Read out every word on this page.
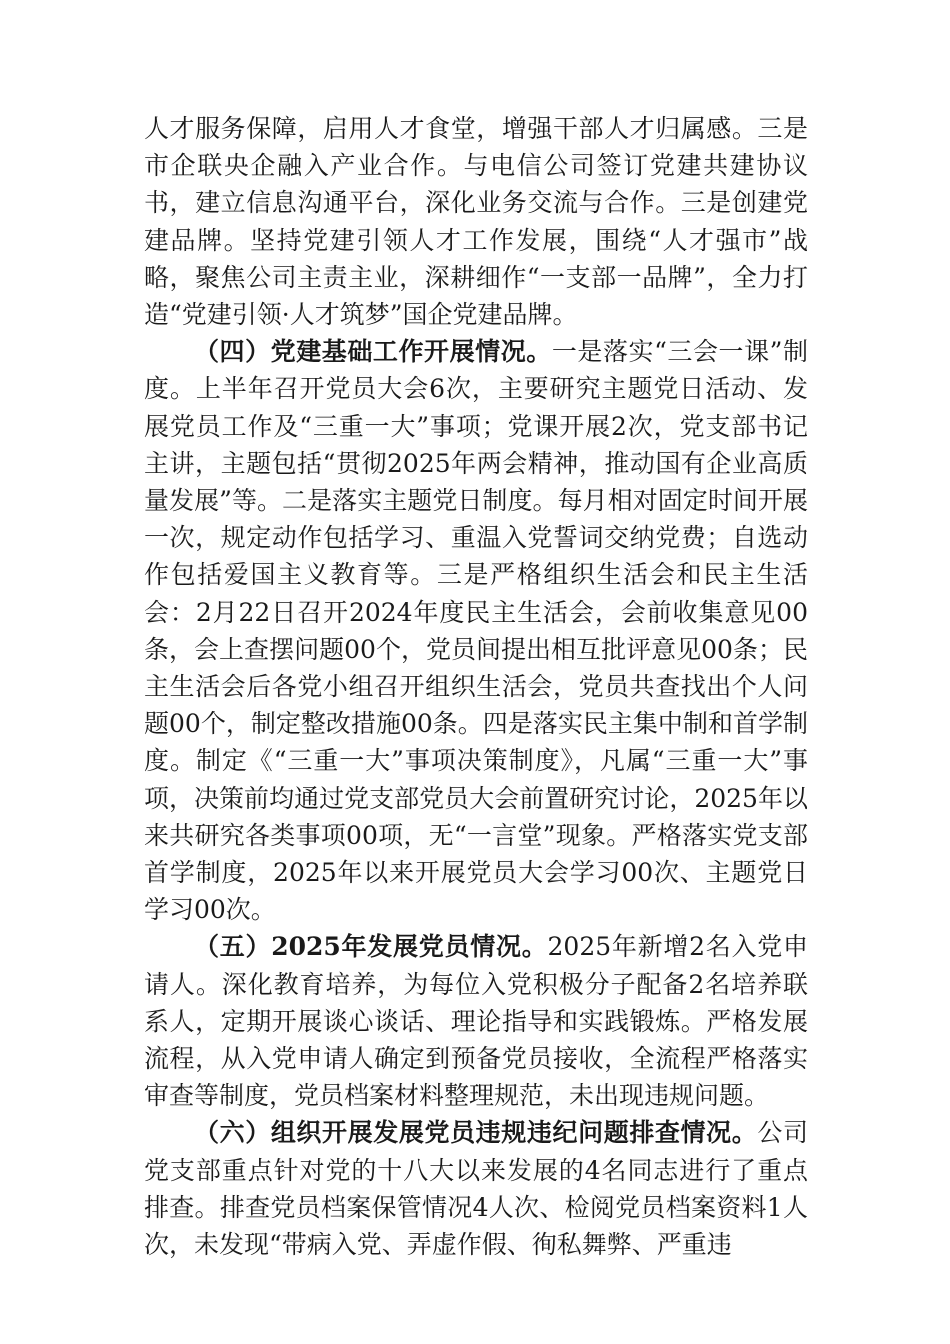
人才服务保障，启用人才食堂，增强干部人才归属感。三是市企联央企融入产业合作。与电信公司签订党建共建协议书，建立信息沟通平台，深化业务交流与合作。三是创建党建品牌。坚持党建引领人才工作发展，围绕“人才强市”战略，聚焦公司主责主业，深耕细作“一支部一品牌”，全力打造“党建引领·人才筑梦”国企党建品牌。

（四）党建基础工作开展情况。一是落实“三会一课”制度。上半年召开党员大会6次，主要研究主题党日活动、发展党员工作及“三重一大”事项；党课开展2次，党支部书记主讲，主题包括“贯彻2025年两会精神，推动国有企业高质量发展”等。二是落实主题党日制度。每月相对固定时间开展一次，规定动作包括学习、重温入党誓词交纳党费；自选动作包括爱国主义教育等。三是严格组织生活会和民主生活会：2月22日召开2024年度民主生活会，会前收集意见00条，会上查摆问题00个，党员间提出相互批评意见00条；民主生活会后各党小组召开组织生活会，党员共查找出个人问题00个，制定整改措施00条。四是落实民主集中制和首学制度。制定《“三重一大”事项决策制度》，凡属“三重一大”事项，决策前均通过党支部党员大会前置研究讨论，2025年以来共研究各类事项00项，无“一言堂”现象。严格落实党支部首学制度，2025年以来开展党员大会学习00次、主题党日学习00次。

（五）2025年发展党员情况。2025年新增2名入党申请人。深化教育培养，为每位入党积极分子配备2名培养联系人，定期开展谈心谈话、理论指导和实践锻炼。严格发展流程，从入党申请人确定到预备党员接收，全流程严格落实审查等制度，党员档案材料整理规范，未出现违规问题。

（六）组织开展发展党员违规违纪问题排查情况。公司党支部重点针对党的十八大以来发展的4名同志进行了重点排查。排查党员档案保管情况4人次、检阅党员档案资料1人次，未发现“带病入党、弄虚作假、徇私舞弊、严重违
